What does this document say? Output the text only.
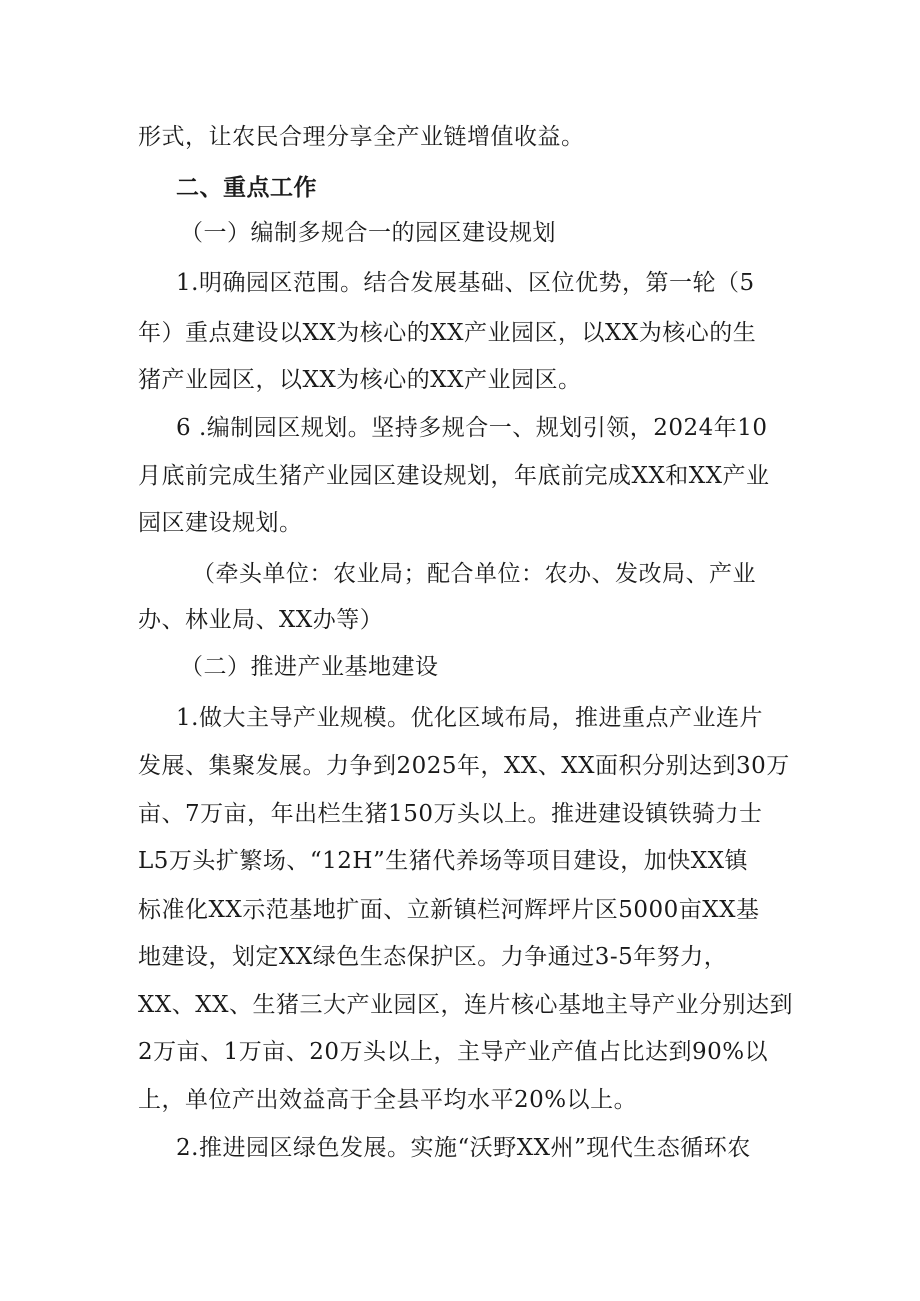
形式，让农民合理分享全产业链增值收益。
二、重点工作
（一）编制多规合一的园区建设规划
1.明确园区范围。结合发展基础、区位优势，第一轮（5
年）重点建设以XX为核心的XX产业园区，以XX为核心的生
猪产业园区，以XX为核心的XX产业园区。
6 .编制园区规划。坚持多规合一、规划引领，2024年10
月底前完成生猪产业园区建设规划，年底前完成XX和XX产业
园区建设规划。
（牵头单位：农业局；配合单位：农办、发改局、产业
办、林业局、XX办等）
（二）推进产业基地建设
1.做大主导产业规模。优化区域布局，推进重点产业连片
发展、集聚发展。力争到2025年，XX、XX面积分别达到30万
亩、7万亩，年出栏生猪150万头以上。推进建设镇铁骑力士
L5万头扩繁场、“12H”生猪代养场等项目建设，加快XX镇
标准化XX示范基地扩面、立新镇栏河辉坪片区5000亩XX基
地建设，划定XX绿色生态保护区。力争通过3-5年努力，
XX、XX、生猪三大产业园区，连片核心基地主导产业分别达到
2万亩、1万亩、20万头以上，主导产业产值占比达到90%以
上，单位产出效益高于全县平均水平20%以上。
2.推进园区绿色发展。实施“沃野XX州”现代生态循环农
